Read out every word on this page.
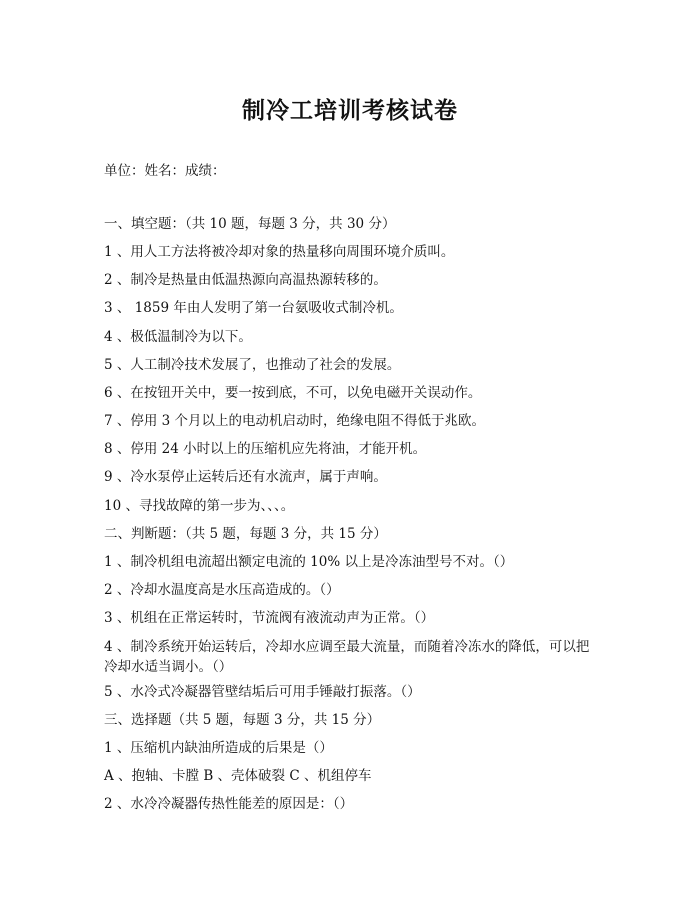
制冷工培训考核试卷
单位：姓名：成绩：
一、填空题：（共 10 题，每题 3 分，共 30 分）
1 、用人工方法将被冷却对象的热量移向周围环境介质叫。
2 、制冷是热量由低温热源向高温热源转移的。
3 、 1859 年由人发明了第一台氨吸收式制冷机。
4 、极低温制冷为以下。
5 、人工制冷技术发展了，也推动了社会的发展。
6 、在按钮开关中，要一按到底，不可，以免电磁开关误动作。
7 、停用 3 个月以上的电动机启动时，绝缘电阻不得低于兆欧。
8 、停用 24 小时以上的压缩机应先将油，才能开机。
9 、冷水泵停止运转后还有水流声，属于声响。
10 、寻找故障的第一步为、、、。
二、判断题：（共 5 题，每题 3 分，共 15 分）
1 、制冷机组电流超出额定电流的 10% 以上是冷冻油型号不对。（）
2 、冷却水温度高是水压高造成的。（）
3 、机组在正常运转时，节流阀有液流动声为正常。（）
4 、制冷系统开始运转后，冷却水应调至最大流量，而随着冷冻水的降低，可以把冷却水适当调小。（）
5 、水冷式冷凝器管壁结垢后可用手锤敲打振落。（）
三、选择题（共 5 题，每题 3 分，共 15 分）
1 、压缩机内缺油所造成的后果是（）
A 、抱轴、卡膛 B 、壳体破裂 C 、机组停车
2 、水冷冷凝器传热性能差的原因是：（）
